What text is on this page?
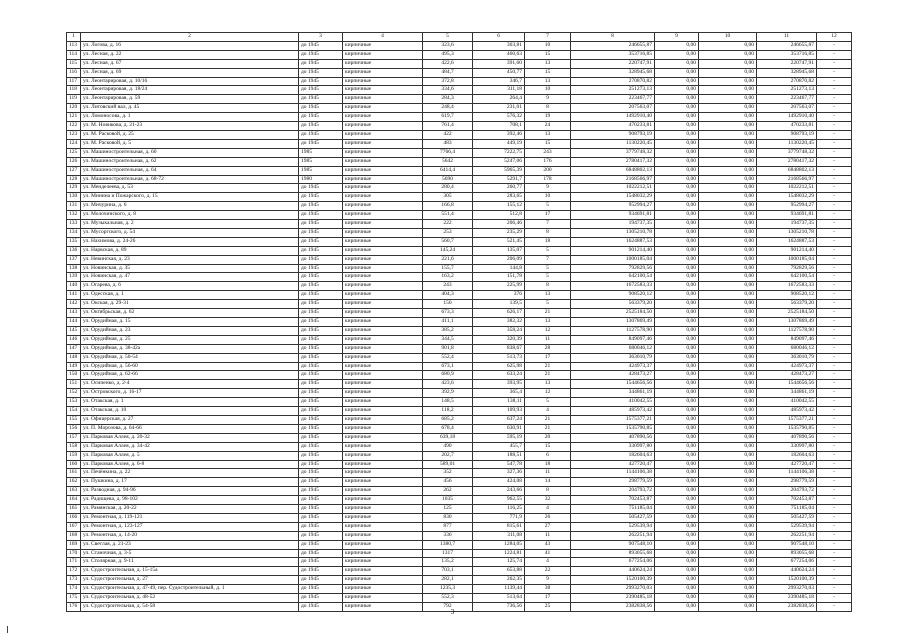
1	2	3	4	5	6	7	8	9	10	11	12
113	ул. Логова, д. 16	до 1945	кирпичные	323,6	303,81	10	246655,87	0,00	0,00	246655,87	-
114	ул. Лесная, д. 22	до 1945	кирпичные	495,3	460,63	15	353716,85	0,00	0,00	353716,85	-
115	ул. Лесная, д. 67	до 1945	кирпичные	422,6	391,60	13	220747,91	0,00	0,00	220747,91	-
116	ул. Лесная, д. 69	до 1945	кирпичные	484,7	450,77	15	328945,68	0,00	0,00	328945,68	-
117	ул. Леонтарировая, д. 10/16	до 1945	кирпичные	372,8	346,7	13	270870,82	0,00	0,00	270870,82	-
118	ул. Леонтарировая, д. 18/24	до 1945	кирпичные	334,6	311,18	10	251273,13	0,00	0,00	251273,13	-
119	ул. Леонтарировая, д. 59	до 1945	кирпичные	284,3	264,4	9	223467,77	0,00	0,00	223467,77	-
120	ул. Литовский вал, д. 45	до 1945	кирпичные	248,4	231,01	8	207563,07	0,00	0,00	207563,07	-
121	ул. Ломоносова, д. 1	до 1945	кирпичные	619,7	576,32	19	1492910,40	0,00	0,00	1492910,40	-
122	ул. М. Новикова, д. 21-23	до 1945	кирпичные	761,4	708,1	24	470233,81	0,00	0,00	470233,81	-
123	ул. М. Расковой, д. 25	до 1945	кирпичные	422	392,46	13	908793,19	0,00	0,00	908793,19	-
124	ул. М. Расковой, д. 5	до 1945	кирпичные	483	449,19	15	1130220,45	0,00	0,00	1130220,45	-
125	ул. Машиностроительная, д. 60	1985	кирпичные	7766,4	7222,75	243	3779748,32	0,00	0,00	3779748,32	-
126	ул. Машиностроительная, д. 62	1985	кирпичные	5642	5247,06	176	2780417,32	0,00	0,00	2780417,32	-
127	ул. Машиностроительная, д. 64	1985	кирпичные	6414,4	5965,39	200	6848802,13	0,00	0,00	6848802,13	-
128	ул. Машиностроительная, д. 68-72	1980	кирпичные	5690	5291,7	178	2168566,97	0,00	0,00	2168566,97	-
129	ул. Менделеева, д. 53	до 1945	кирпичные	280,4	260,77	9	1022212,51	0,00	0,00	1022212,51	-
130	ул. Минина и Пожарского, д. 15	до 1945	кирпичные	305	283,65	10	1548032,29	0,00	0,00	1548032,29	-
131	ул. Мичурина, д. 6	до 1945	кирпичные	166,8	155,12	5	952994,27	0,00	0,00	952994,27	-
132	ул. Молочинского, д. 8	до 1945	кирпичные	551,4	512,8	17	934691,81	0,00	0,00	934691,81	-
133	ул. Музыкальная, д. 2	до 1945	кирпичные	222	206,46	7	194737,35	0,00	0,00	194737,35	-
134	ул. Мусоргского, д. 54	до 1945	кирпичные	253	235,29	8	1305210,78	0,00	0,00	1305210,78	-
135	ул. Нахимова, д. 24-26	до 1945	кирпичные	560,7	521,45	18	1624887,53	0,00	0,00	1624887,53	-
136	ул. Нарвская, д. 89	до 1945	кирпичные	145,24	135,07	5	901214,40	0,00	0,00	901214,40	-
137	ул. Невинская, д. 23	до 1945	кирпичные	221,6	206,09	7	1000185,04	0,00	0,00	1000185,04	-
138	ул. Новинская, д. 35	до 1945	кирпичные	155,7	144,8	5	792829,56	0,00	0,00	792829,56	-
139	ул. Новинская, д. 47	до 1945	кирпичные	163,2	151,78	5	642100,54	0,00	0,00	642100,54	-
140	ул. Огарева, д. 6	до 1945	кирпичные	243	225,99	8	1672583,33	0,00	0,00	1672583,33	-
141	ул. Одесская, д. 1	до 1945	кирпичные	404,3	376	13	908520,12	0,00	0,00	908520,12	-
142	ул. Окская, д. 29-31	до 1945	кирпичные	150	139,5	5	563379,20	0,00	0,00	563379,20	-
143	ул. Октябрьская, д. 62	до 1945	кирпичные	673,3	626,17	21	2525184,50	0,00	0,00	2525184,50	-
144	ул. Орудийная, д. 15	до 1945	кирпичные	411,1	382,32	13	1307869,49	0,00	0,00	1307869,49	-
145	ул. Орудийная, д. 23	до 1945	кирпичные	385,2	358,24	12	1127578,90	0,00	0,00	1127578,90	-
146	ул. Орудийная, д. 25	до 1945	кирпичные	344,5	320,39	11	849097,46	0,00	0,00	849097,46	-
147	ул. Орудийная, д. 38-42а	до 1945	кирпичные	901,8	838,67	28	680046,12	0,00	0,00	680046,12	-
148	ул. Орудийная, д. 50-54	до 1945	кирпичные	552,4	513,73	17	363010,79	0,00	0,00	363010,79	-
149	ул. Орудийная, д. 56-60	до 1945	кирпичные	673,1	625,98	21	424973,37	0,00	0,00	424973,37	-
150	ул. Орудийная, д. 62-66	до 1945	кирпичные	680,9	633,24	21	428473,27	0,00	0,00	428473,27	-
151	ул. Осипенко, д. 2-4	до 1945	кирпичные	423,6	393,95	13	1544656,56	0,00	0,00	1544656,56	-
152	ул. Островского, д. 16-17	до 1945	кирпичные	392,9	365,4	12	344861,19	0,00	0,00	344861,19	-
153	ул. Отакская, д. 1	до 1945	кирпичные	148,5	138,11	5	410042,55	0,00	0,00	410042,55	-
154	ул. Отакская, д. 10	до 1945	кирпичные	118,2	109,93	4	485973,42	0,00	0,00	485973,42	-
155	ул. Офицерская, д. 27	до 1945	кирпичные	685,2	637,24	21	1575377,21	0,00	0,00	1575377,21	-
156	ул. П. Морозова, д. 64-66	до 1945	кирпичные	678,4	630,91	21	1535790,85	0,00	0,00	1535790,85	-
157	ул. Парковая Аллея, д. 20-32	до 1945	кирпичные	639,18	595,19	20	407890,56	0,00	0,00	407890,56	-
158	ул. Парковая Аллея, д. 34-42	до 1945	кирпичные	490	455,7	15	330997,80	0,00	0,00	330997,80	-
159	ул. Парковая Аллея, д. 5	до 1945	кирпичные	202,7	188,51	6	182604,63	0,00	0,00	182604,63	-
160	ул. Парковая Аллея, д. 6-8	до 1945	кирпичные	589,01	547,78	18	427720,47	0,00	0,00	427720,47	-
161	ул. Печёнкина, д. 22	до 1945	кирпичные	352	327,36	11	1144106,38	0,00	0,00	1144106,38	-
162	ул. Пушкина, д. 17	до 1945	кирпичные	456	424,08	14	298779,59	0,00	0,00	298779,59	-
163	ул. Разводная, д. 94-96	до 1945	кирпичные	262	243,66	8	204793,72	0,00	0,00	204793,72	-
164	ул. Радищева, д. 98-102	до 1945	кирпичные	1035	962,55	32	702453,87	0,00	0,00	702453,87	-
165	ул. Рамянская, д. 20-22	до 1945	кирпичные	125	116,25	4	751185,04	0,00	0,00	751185,04	-
166	ул. Ремонтная, д. 119-121	до 1945	кирпичные	830	771,9	26	505427,59	0,00	0,00	505427,59	-
167	ул. Ремонтная, д. 123-127	до 1945	кирпичные	877	815,61	27	529539,94	0,00	0,00	529539,94	-
168	ул. Ремонтная, д. 14-20	до 1945	кирпичные	336	311,08	11	262251,94	0,00	0,00	262251,94	-
169	ул. Светлая, д. 21-23	до 1945	кирпичные	1380,7	1284,05	43	907548,10	0,00	0,00	907548,10	-
170	ул. Станочная, д. 3-5	до 1945	кирпичные	1317	1224,81	41	893055,68	0,00	0,00	893055,68	-
171	ул. Столярная, д. 9-11	до 1945	кирпичные	135,2	125,74	4	677254,06	0,00	0,00	677254,06	-
172	ул. Судостроительная, д. 15-15а	до 1945	кирпичные	703,1	653,88	22	440624,24	0,00	0,00	440624,24	-
173	ул. Судостроительная, д. 27	до 1945	кирпичные	282,1	262,35	9	1520100,39	0,00	0,00	1520100,39	-
174	ул. Судостроительная, д. 47-49, пер. Судостроительный, д. 1	до 1945	кирпичные	1235,3	1139,44	38	2993270,03	0,00	0,00	2993270,03	-
175	ул. Судостроительная, д. 48-52	до 1945	кирпичные	552,3	513,64	17	2390485,18	0,00	0,00	2390485,18	-
176	ул. Судостроительная, д. 54-58	до 1945	кирпичные	792	736,56	25	2382838,56	0,00	0,00	2382838,56	-
3
